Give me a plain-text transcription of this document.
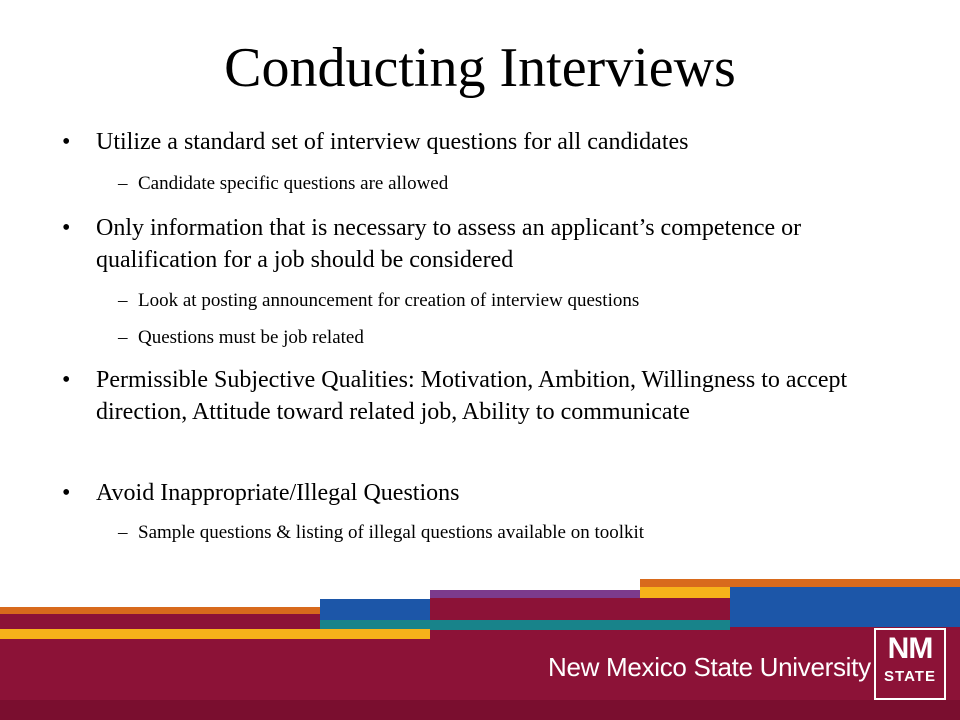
Conducting Interviews
• Utilize a standard set of interview questions for all candidates
– Candidate specific questions are allowed
• Only information that is necessary to assess an applicant’s competence or qualification for a job should be considered
– Look at posting announcement for creation of interview questions
– Questions must be job related
• Permissible Subjective Qualities: Motivation, Ambition, Willingness to accept direction, Attitude toward related job, Ability to communicate
• Avoid Inappropriate/Illegal Questions
– Sample questions & listing of illegal questions available on toolkit
New Mexico State University
NM
STATE
